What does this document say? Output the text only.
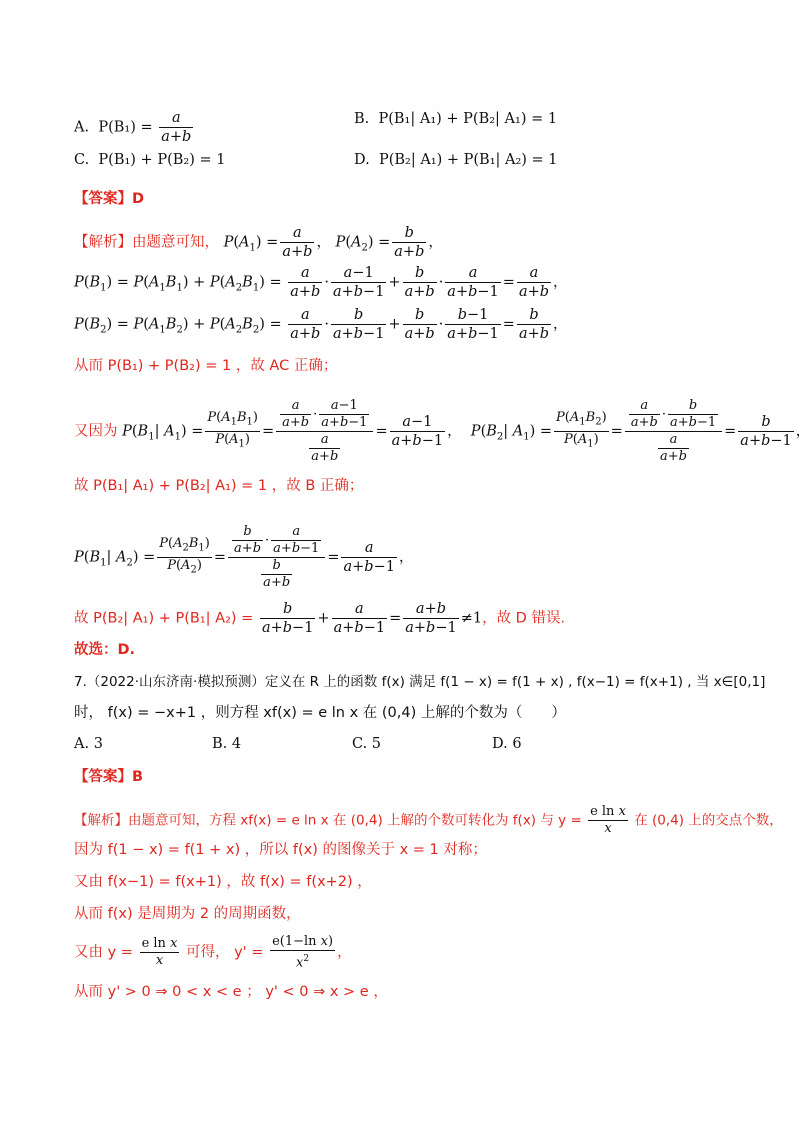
A. $P(B_1) = \frac{a}{a+b}$	B. P(B₁| A₁) + P(B₂| A₁) = 1
C. P(B₁) + P(B₂) = 1	D. P(B₂| A₁) + P(B₁| A₂) = 1
【答案】D
【解析】由题意可知， $P(A_1) = \frac{a}{a+b}$ ， $P(A_2) = \frac{b}{a+b}$ ，
$P(B_1) = P(A_1B_1) + P(A_2B_1) = \frac{a}{a+b} \cdot \frac{a-1}{a+b-1} + \frac{b}{a+b} \cdot \frac{a}{a+b-1} = \frac{a}{a+b}$ ，
$P(B_2) = P(A_1B_2) + P(A_2B_2) = \frac{a}{a+b} \cdot \frac{b}{a+b-1} + \frac{b}{a+b} \cdot \frac{b-1}{a+b-1} = \frac{b}{a+b}$ ，
从而 P(B₁) + P(B₂) = 1 ，故 AC 正确；
又因为 $P(B_1|$ $A_1) = \frac{P(A_1B_1)}{P(A_1)} = \frac{\frac{a}{a+b} \cdot \frac{a-1}{a+b-1}}{\frac{a}{a+b}} = \frac{a-1}{a+b-1}$ ，  $P(B_2|$ $A_1) = \frac{P(A_1B_2)}{P(A_1)} = \frac{\frac{a}{a+b} \cdot \frac{b}{a+b-1}}{\frac{a}{a+b}} = \frac{b}{a+b-1}$ ，
故 P(B₁| A₁) + P(B₂| A₁) = 1 ，故 B 正确；
$P(B_1|$ $A_2) = \frac{P(A_2B_1)}{P(A_2)} = \frac{\frac{b}{a+b} \cdot \frac{a}{a+b-1}}{\frac{b}{a+b}} = \frac{a}{a+b-1}$ ，
故 P(B₂| A₁) + P(B₁| $A_2) = \frac{b}{a+b-1} + \frac{a}{a+b-1} = \frac{a+b}{a+b-1} \ne 1$，故 D 错误.
故选：D.
7.（2022·山东济南·模拟预测）定义在 R 上的函数 f(x) 满足 f(1 − x) = f(1 + x) , f(x−1) = f(x+1) , 当 x∈[0,1]
时， f(x) = −x+1 ，则方程 xf(x) = e ln x 在 (0,4) 上解的个数为（　　）
A. 3	B. 4	C. 5	D. 6
【答案】B
【解析】由题意可知，方程 xf(x) = e ln x 在 (0,4) 上解的个数可转化为 f(x) 与 $y = \frac{\text{e ln x}}{x}$ 在 (0,4) 上的交点个数，
因为 f(1 − x) = f(1 + x) ，所以 f(x) 的图像关于 x = 1 对称；
又由 f(x−1) = f(x+1) ，故 f(x) = f(x+2) ，
从而 f(x) 是周期为 2 的周期函数，
又由 $y = \frac{\text{e ln x}}{x}$ 可得， $y' = \frac{\text{e(1−ln x)}}{x^2}$ ，
从而 y' > 0 ⇒ 0 < x < e ； y' < 0 ⇒ x > e ，
